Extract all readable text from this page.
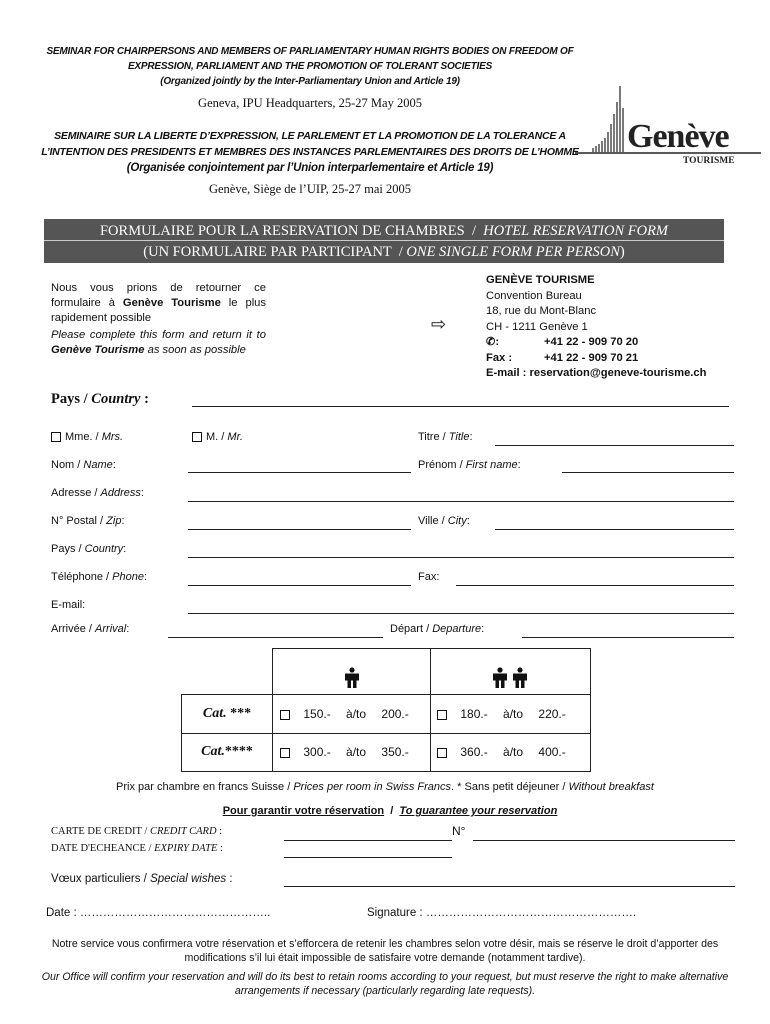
SEMINAR FOR CHAIRPERSONS AND MEMBERS OF PARLIAMENTARY HUMAN RIGHTS BODIES ON FREEDOM OF
EXPRESSION, PARLIAMENT AND THE PROMOTION OF TOLERANT SOCIETIES
(Organized jointly by the Inter-Parliamentary Union and Article 19)
Geneva, IPU Headquarters, 25-27 May 2005
SEMINAIRE SUR LA LIBERTE D’EXPRESSION, LE PARLEMENT ET LA PROMOTION DE LA TOLERANCE A
L’INTENTION DES PRESIDENTS ET MEMBRES DES INSTANCES PARLEMENTAIRES DES DROITS DE L’HOMME
(Organisée conjointement par l’Union interparlementaire et Article 19)
Genève, Siège de l’UIP, 25-27 mai 2005
Genève
TOURISME
FORMULAIRE POUR LA RESERVATION DE CHAMBRES / HOTEL RESERVATION FORM
(UN FORMULAIRE PAR PARTICIPANT / ONE SINGLE FORM PER PERSON)
Nous vous prions de retourner ce formulaire à Genève Tourisme le plus rapidement possible
Please complete this form and return it to Genève Tourisme as soon as possible
⇨
GENÈVE TOURISME
Convention Bureau
18, rue du Mont-Blanc
CH - 1211 Genève 1
✆:	+41 22 - 909 70 20
Fax :	+41 22 - 909 70 21
E-mail : reservation@geneve-tourisme.ch
Pays / Country :
Mme. / Mrs.	M. / Mr.	Titre / Title:
Nom / Name:	Prénom / First name:
Adresse / Address:
N° Postal / Zip:	Ville / City:
Pays / Country:
Téléphone / Phone:	Fax:
E-mail:
Arrivée / Arrival:	Départ / Departure:
Cat. ***	150.- à/to 200.-	180.- à/to 220.-
Cat.****	300.- à/to 350.-	360.- à/to 400.-
Prix par chambre en francs Suisse / Prices per room in Swiss Francs. * Sans petit déjeuner / Without breakfast
Pour garantir votre réservation / To guarantee your reservation
CARTE DE CREDIT / CREDIT CARD :	N°
DATE D'ECHEANCE / EXPIRY DATE :
Vœux particuliers / Special wishes :
Date : …………………………………………..	Signature : ……………………………………………….
Notre service vous confirmera votre réservation et s’efforcera de retenir les chambres selon votre désir, mais se réserve le droit d’apporter des modifications s’il lui était impossible de satisfaire votre demande (notamment tardive).
Our Office will confirm your reservation and will do its best to retain rooms according to your request, but must reserve the right to make alternative arrangements if necessary (particularly regarding late requests).
